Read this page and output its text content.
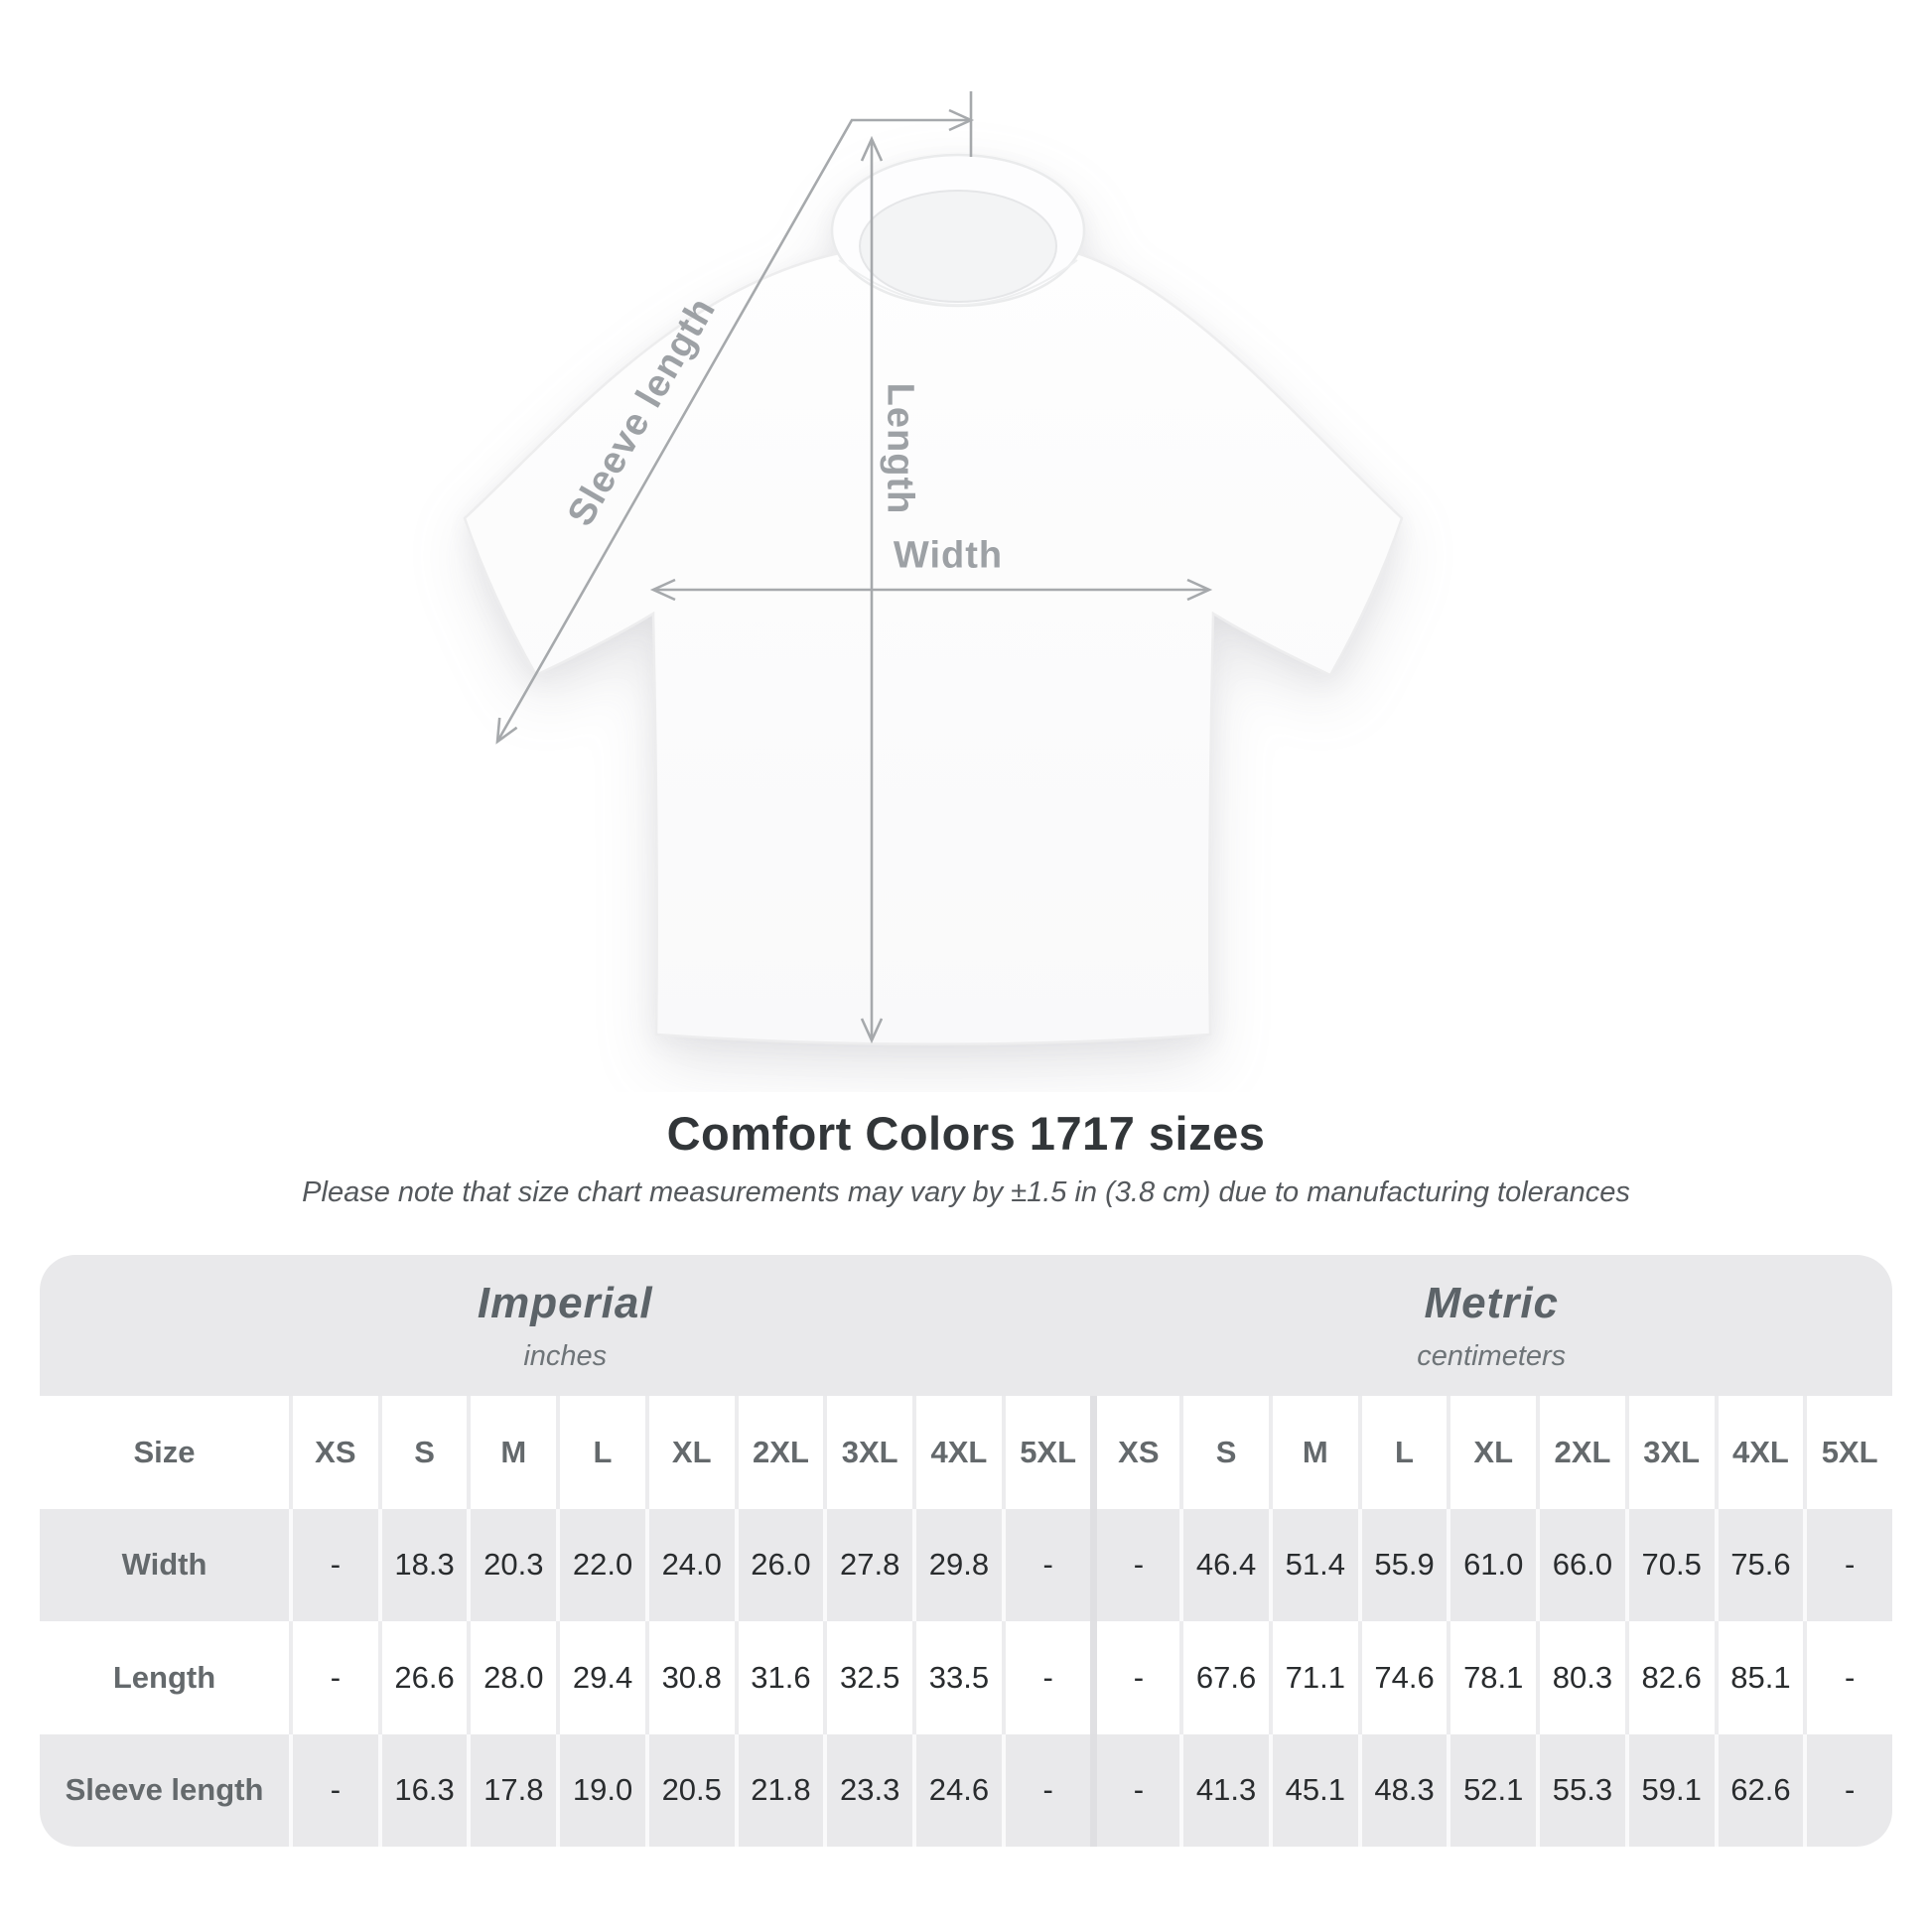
Sleeve length	Length
Width
Comfort Colors 1717 sizes
Please note that size chart measurements may vary by ±1.5 in (3.8 cm) due to manufacturing tolerances
Imperial
inches
Metric
centimeters
Size	XS	S	M	L	XL	2XL	3XL	4XL	5XL	XS	S	M	L	XL	2XL	3XL	4XL	5XL
Width	-	18.3 20.3 22.0 24.0 26.0 27.8 29.8	-	-	46.4 51.4 55.9 61.0 66.0 70.5 75.6	-
Length	-	26.6 28.0 29.4 30.8 31.6 32.5 33.5	-	-	67.6 71.1 74.6 78.1 80.3 82.6 85.1	-
Sleeve length	-	16.3 17.8 19.0 20.5 21.8 23.3 24.6	-	-	41.3 45.1 48.3 52.1 55.3 59.1 62.6	-
